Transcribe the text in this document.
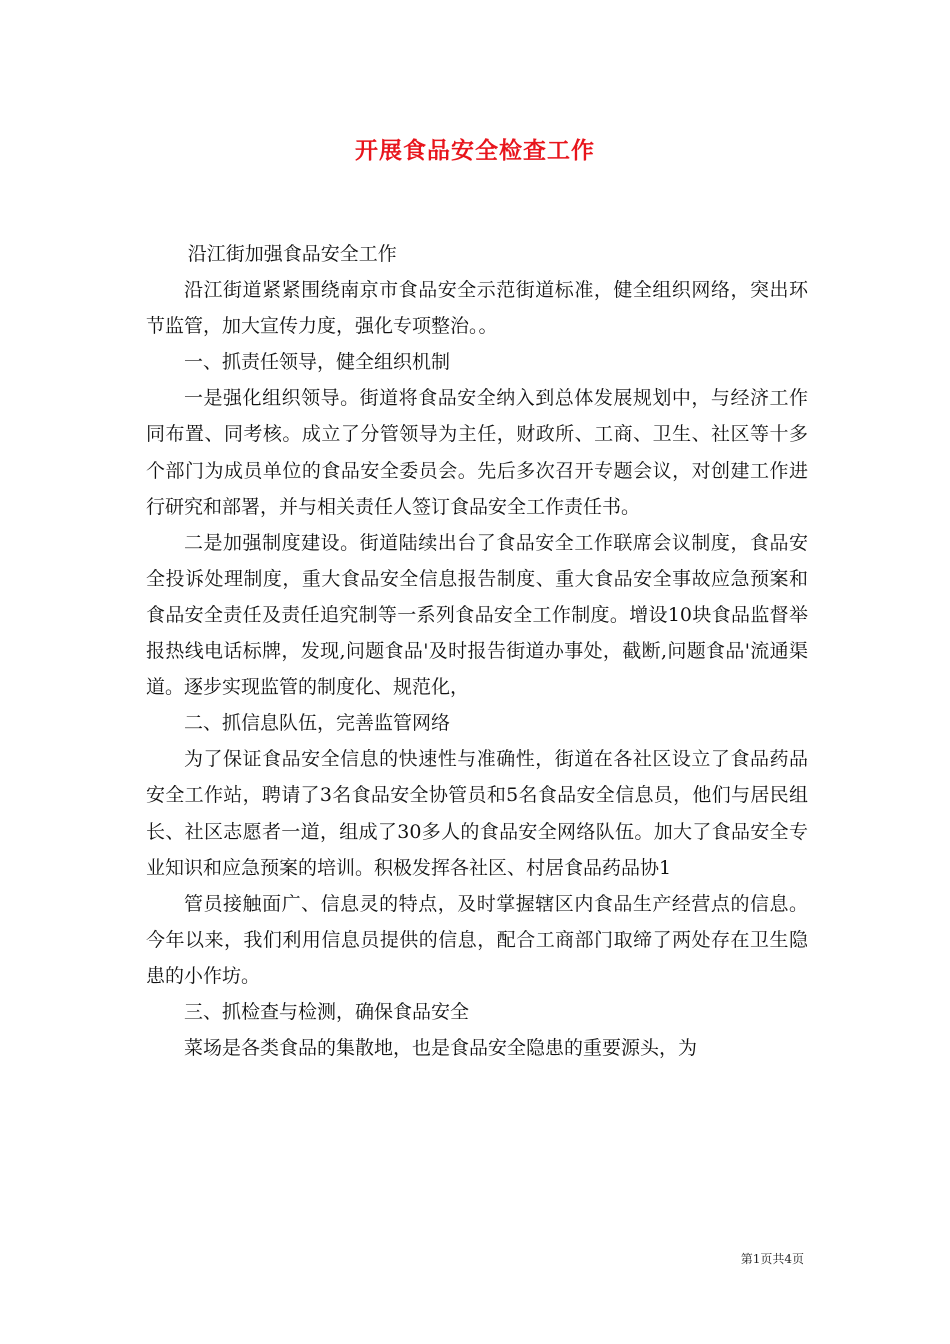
开展食品安全检查工作

沿江街加强食品安全工作

沿江街道紧紧围绕南京市食品安全示范街道标准，健全组织网络，突出环节监管，加大宣传力度，强化专项整治。。

一、抓责任领导，健全组织机制

一是强化组织领导。街道将食品安全纳入到总体发展规划中，与经济工作同布置、同考核。成立了分管领导为主任，财政所、工商、卫生、社区等十多个部门为成员单位的食品安全委员会。先后多次召开专题会议，对创建工作进行研究和部署，并与相关责任人签订食品安全工作责任书。

二是加强制度建设。街道陆续出台了食品安全工作联席会议制度，食品安全投诉处理制度，重大食品安全信息报告制度、重大食品安全事故应急预案和食品安全责任及责任追究制等一系列食品安全工作制度。增设10块食品监督举报热线电话标牌，发现,问题食品'及时报告街道办事处，截断,问题食品'流通渠道。逐步实现监管的制度化、规范化，

二、抓信息队伍，完善监管网络

为了保证食品安全信息的快速性与准确性，街道在各社区设立了食品药品安全工作站，聘请了3名食品安全协管员和5名食品安全信息员，他们与居民组长、社区志愿者一道，组成了30多人的食品安全网络队伍。加大了食品安全专业知识和应急预案的培训。积极发挥各社区、村居食品药品协1

管员接触面广、信息灵的特点，及时掌握辖区内食品生产经营点的信息。今年以来，我们利用信息员提供的信息，配合工商部门取缔了两处存在卫生隐患的小作坊。

三、抓检查与检测，确保食品安全

菜场是各类食品的集散地，也是食品安全隐患的重要源头，为

第1页共4页
